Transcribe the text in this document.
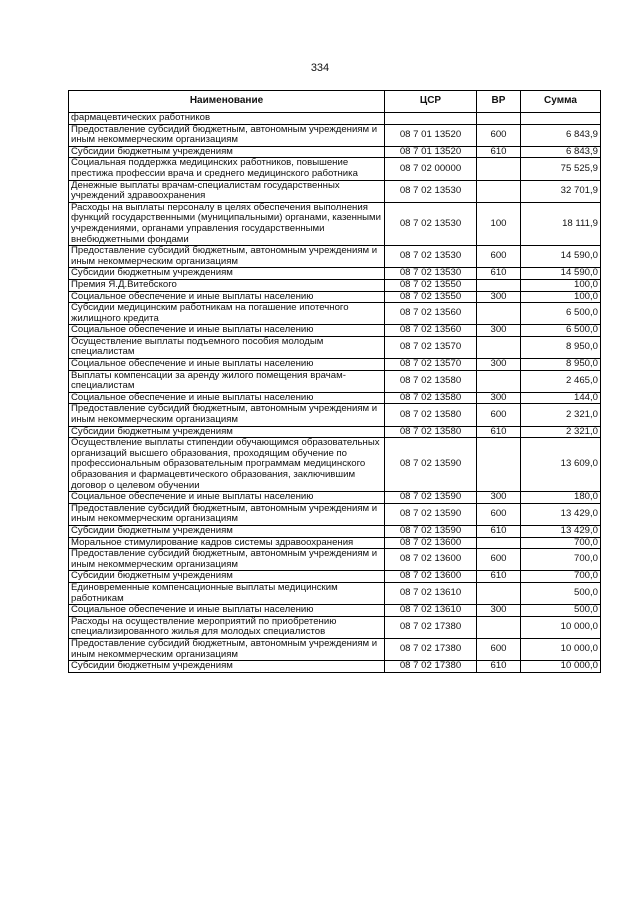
334
Наименование	ЦСР	ВР	Сумма
фармацевтических работников			
Предоставление субсидий бюджетным, автономным учреждениям и иным некоммерческим организациям	08 7 01 13520	600	6 843,9
Субсидии бюджетным учреждениям	08 7 01 13520	610	6 843,9
Социальная поддержка медицинских работников, повышение престижа профессии врача и среднего медицинского работника	08 7 02 00000		75 525,9
Денежные выплаты врачам-специалистам государственных учреждений здравоохранения	08 7 02 13530		32 701,9
Расходы на выплаты персоналу в целях обеспечения выполнения функций государственными (муниципальными) органами, казенными учреждениями, органами управления государственными внебюджетными фондами	08 7 02 13530	100	18 111,9
Предоставление субсидий бюджетным, автономным учреждениям и иным некоммерческим организациям	08 7 02 13530	600	14 590,0
Субсидии бюджетным учреждениям	08 7 02 13530	610	14 590,0
Премия Я.Д.Витебского	08 7 02 13550		100,0
Социальное обеспечение и иные выплаты населению	08 7 02 13550	300	100,0
Субсидии медицинским работникам на погашение ипотечного жилищного кредита	08 7 02 13560		6 500,0
Социальное обеспечение и иные выплаты населению	08 7 02 13560	300	6 500,0
Осуществление выплаты подъемного пособия молодым специалистам	08 7 02 13570		8 950,0
Социальное обеспечение и иные выплаты населению	08 7 02 13570	300	8 950,0
Выплаты компенсации за аренду жилого помещения врачам-специалистам	08 7 02 13580		2 465,0
Социальное обеспечение и иные выплаты населению	08 7 02 13580	300	144,0
Предоставление субсидий бюджетным, автономным учреждениям и иным некоммерческим организациям	08 7 02 13580	600	2 321,0
Субсидии бюджетным учреждениям	08 7 02 13580	610	2 321,0
Осуществление выплаты стипендии обучающимся образовательных организаций высшего образования, проходящим обучение по профессиональным образовательным программам медицинского образования и фармацевтического образования, заключившим договор о целевом обучении	08 7 02 13590		13 609,0
Социальное обеспечение и иные выплаты населению	08 7 02 13590	300	180,0
Предоставление субсидий бюджетным, автономным учреждениям и иным некоммерческим организациям	08 7 02 13590	600	13 429,0
Субсидии бюджетным учреждениям	08 7 02 13590	610	13 429,0
Моральное стимулирование кадров системы здравоохранения	08 7 02 13600		700,0
Предоставление субсидий бюджетным, автономным учреждениям и иным некоммерческим организациям	08 7 02 13600	600	700,0
Субсидии бюджетным учреждениям	08 7 02 13600	610	700,0
Единовременные компенсационные выплаты медицинским работникам	08 7 02 13610		500,0
Социальное обеспечение и иные выплаты населению	08 7 02 13610	300	500,0
Расходы на осуществление мероприятий по приобретению специализированного жилья для молодых специалистов	08 7 02 17380		10 000,0
Предоставление субсидий бюджетным, автономным учреждениям и иным некоммерческим организациям	08 7 02 17380	600	10 000,0
Субсидии бюджетным учреждениям	08 7 02 17380	610	10 000,0
